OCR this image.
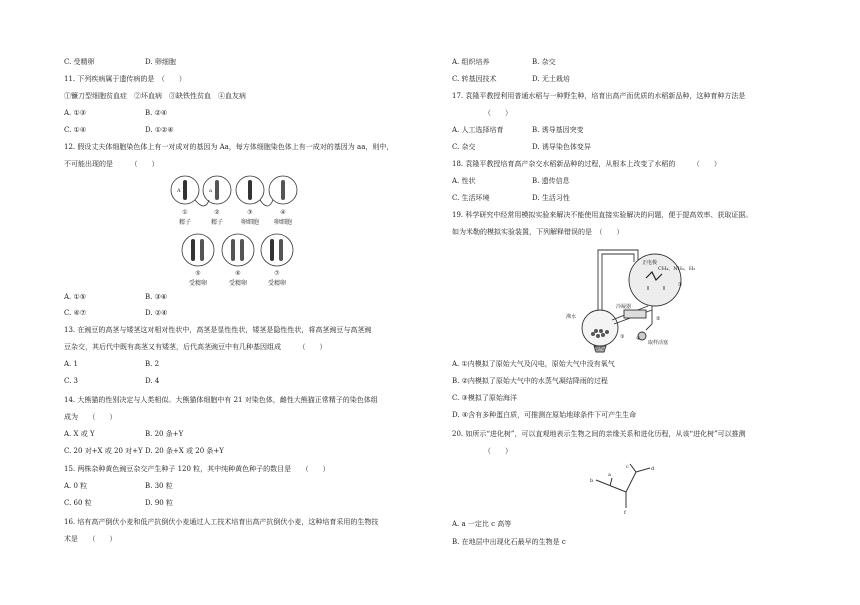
C. 受精卵	D. 卵细胞
11. 下列疾病属于遗传病的是　（　　）
①镰刀型细胞贫血症　②坏血病　③缺铁性贫血　④血友病
A. ①③	B. ②④
C. ①④	D. ①②④
12. 假设丈夫体细胞染色体上有一对成对的基因为 Aa，每方体细胞染色体上有一成对的基因为 aa，则中，
不可能出现的是　　　（　　）
A	a
①	②	③	④
精子	精子	卵细胞 卵细胞
⑤	⑥	⑦
受精卵	受精卵	受精卵
A. ①⑤	B. ③⑥
C. ④⑦	D. ②④
13. 在豌豆的高茎与矮茎这对相对性状中，高茎是显性性状，矮茎是隐性性状，将高茎豌豆与高茎豌
豆杂交，其后代中既有高茎又有矮茎，后代高茎豌豆中有几种基因组成　　　（　　）
A. 1	B. 2
C. 3	D. 4
14. 大熊猫的性别决定与人类相似。大熊猫体细胞中有 21 对染色体，雌性大熊猫正常精子的染色体组
成为　　（　　）
A. X 或 Y	B. 20 条+Y
C. 20 对+X 或 20 对+Y D. 20 条+X 或 20 条+Y
15. 两株杂种黄色豌豆杂交产生种子 120 粒，其中纯种黄色种子的数目是　　（　　）
A. 0 粒	B. 30 粒
C. 60 粒	D. 90 粒
16. 培有高产倒伏小麦和低产抗倒伏小麦通过人工技术培育出高产抗倒伏小麦，这种培育采用的生物技
术是　　（　　）
A. 组织培养	B. 杂交
C. 转基因技术	D. 无土栽培
17. 袁隆平教授利用普通水稻与一种野生种，培育出高产而优质的水稻新品种，这种育种方法是
（　　）
A. 人工选择培育	B. 诱导基因突变
C. 杂交	D. 诱导染色体变异
18. 袁隆平教授培育高产杂交水稻新品种的过程，从根本上改变了水稻的　　　（　　）
A. 性状	B. 遗传信息
C. 生活环境	D. 生活习性
19. 科学研究中经常用模拟实验来解决不能使用直接实验解决的问题，便于提高效率、获取证据。
如为米勒的模拟实验装置，下列解释错误的是　（　　）
正电极
CH₄、NH₃、H₂
沸水
冷凝器
加热
取样活塞
①
②
③ ④
A. ①内模拟了原始大气及闪电，原始大气中没有氧气
B. ②内模拟了原始大气中的水蒸气凝结降雨的过程
C. ③模拟了原始海洋
D. ④含有多种蛋白质，可推测在原始地球条件下可产生生命
20. 如所示“进化树”，可以直观地表示生物之间的亲缘关系和进化历程，从该“进化树”可以推测
（　　）
b
a
c	d
f
A. a 一定比 c 高等
B. 在地层中出现化石最早的生物是 c
